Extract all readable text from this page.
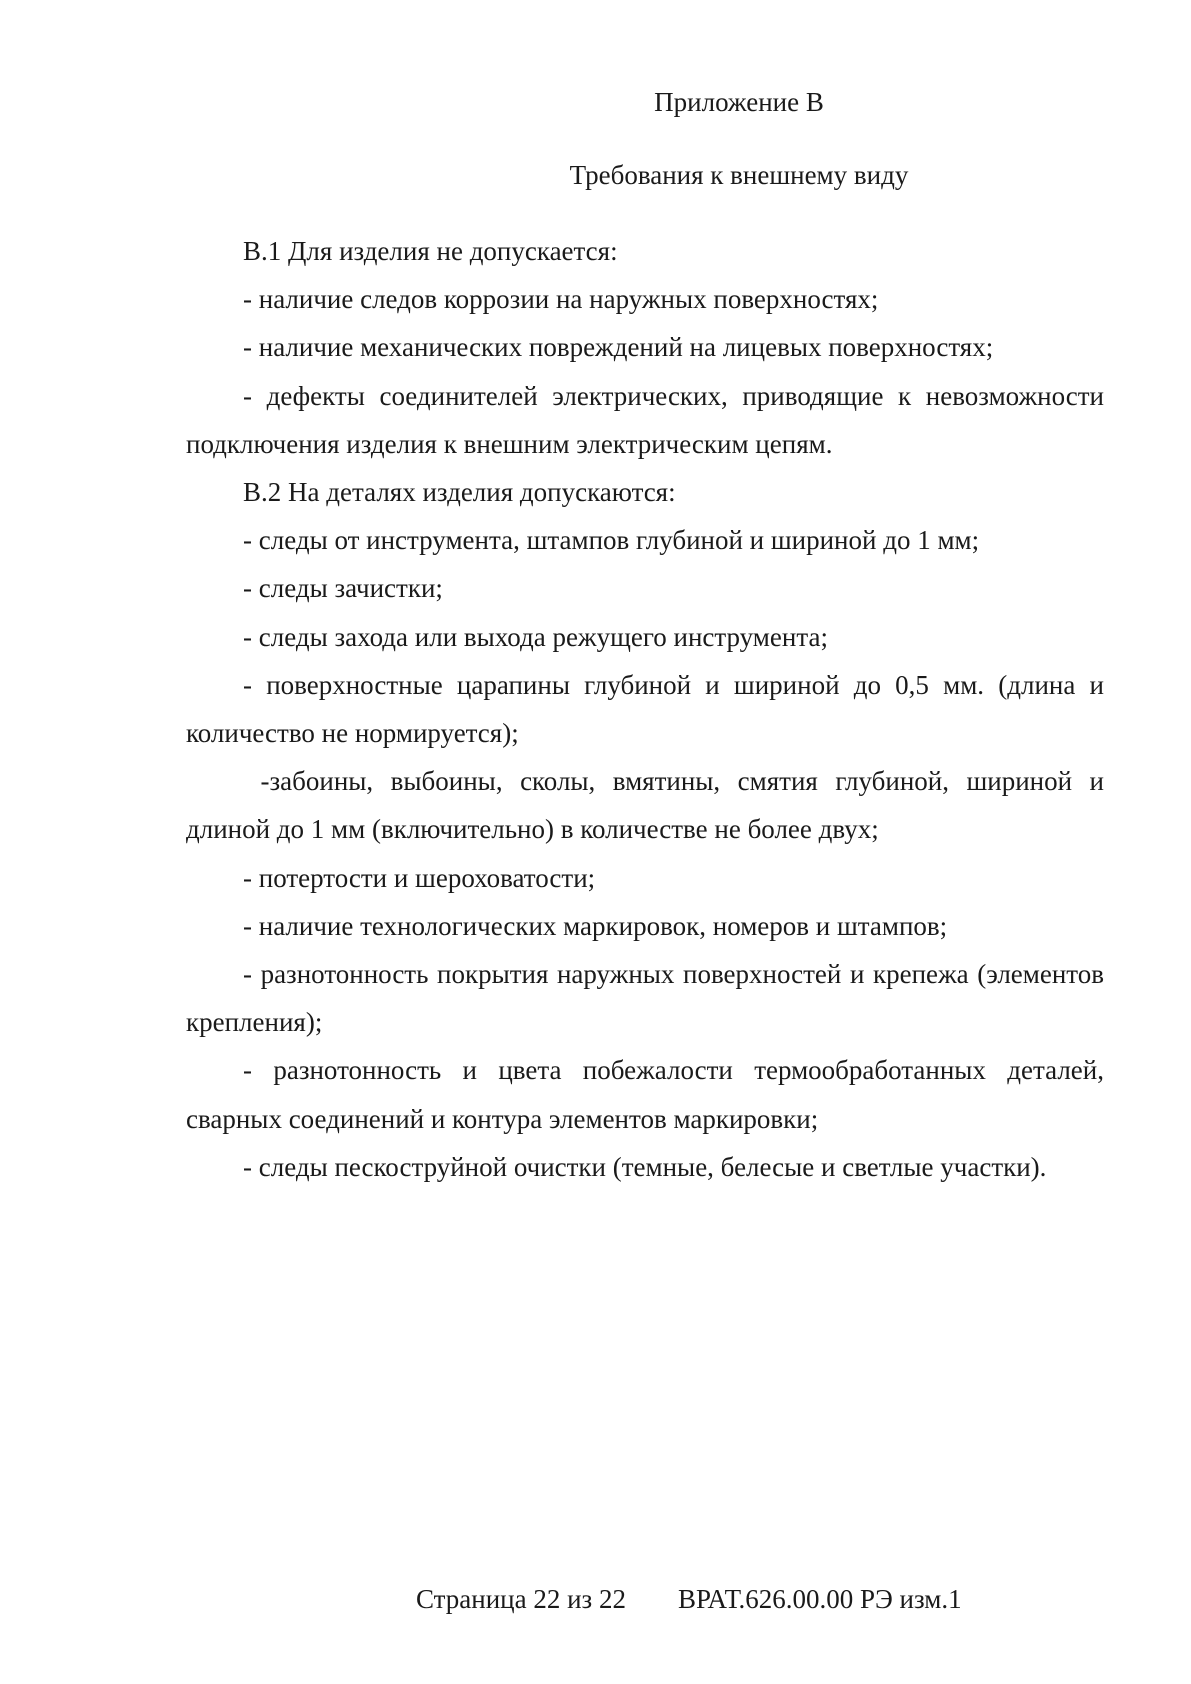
Приложение В
Требования к внешнему виду

В.1 Для изделия не допускается:

- наличие следов коррозии на наружных поверхностях;

- наличие механических повреждений на лицевых поверхностях;

- дефекты соединителей электрических, приводящие к невозможности подключения изделия к внешним электрическим цепям.

В.2 На деталях изделия допускаются:

- следы от инструмента, штампов глубиной и шириной до 1 мм;

- следы зачистки;

- следы захода или выхода режущего инструмента;

- поверхностные царапины глубиной и шириной до 0,5 мм. (длина и количество не нормируется);

-забоины, выбоины, сколы, вмятины, смятия глубиной, шириной и длиной до 1 мм (включительно) в количестве не более двух;

- потертости и шероховатости;

- наличие технологических маркировок, номеров и штампов;

- разнотонность покрытия наружных поверхностей и крепежа (элементов крепления);

- разнотонность и цвета побежалости термообработанных деталей, сварных соединений и контура элементов маркировки;

- следы пескоструйной очистки (темные, белесые и светлые участки).

Страница 22 из 22 ВРАТ.626.00.00 РЭ изм.1
